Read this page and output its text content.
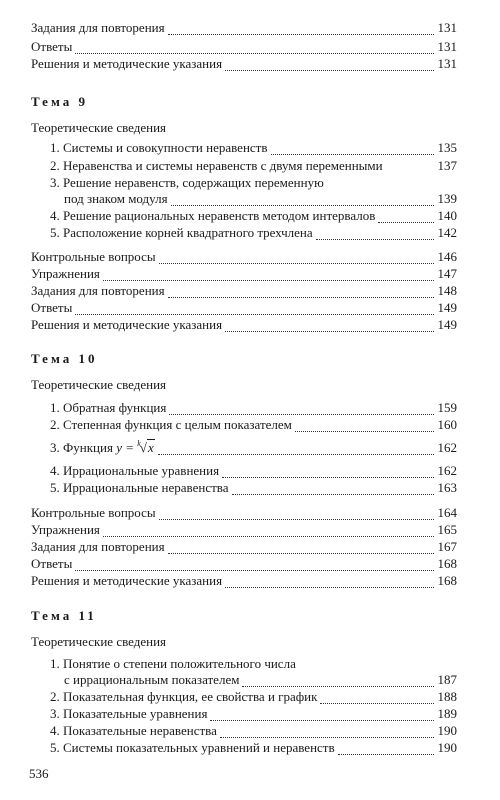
Задания для повторения	131
Ответы	131
Решения и методические указания	131
Тема 9
Теоретические сведения
1. Системы и совокупности неравенств	135
2. Неравенства и системы неравенств с двумя переменными	137
3. Решение неравенств, содержащих переменную
под знаком модуля	139
4. Решение рациональных неравенств методом интервалов	140
5. Расположение корней квадратного трехчлена	142
Контрольные вопросы	146
Упражнения	147
Задания для повторения	148
Ответы	149
Решения и методические указания	149
Тема 10
Теоретические сведения
1. Обратная функция	159
2. Степенная функция с целым показателем	160
3. Функция y = $^k$√x	162
4. Иррациональные уравнения	162
5. Иррациональные неравенства	163
Контрольные вопросы	164
Упражнения	165
Задания для повторения	167
Ответы	168
Решения и методические указания	168
Тема 11
Теоретические сведения
1. Понятие о степени положительного числа
с иррациональным показателем	187
2. Показательная функция, ее свойства и график	188
3. Показательные уравнения	189
4. Показательные неравенства	190
5. Системы показательных уравнений и неравенств	190
536
